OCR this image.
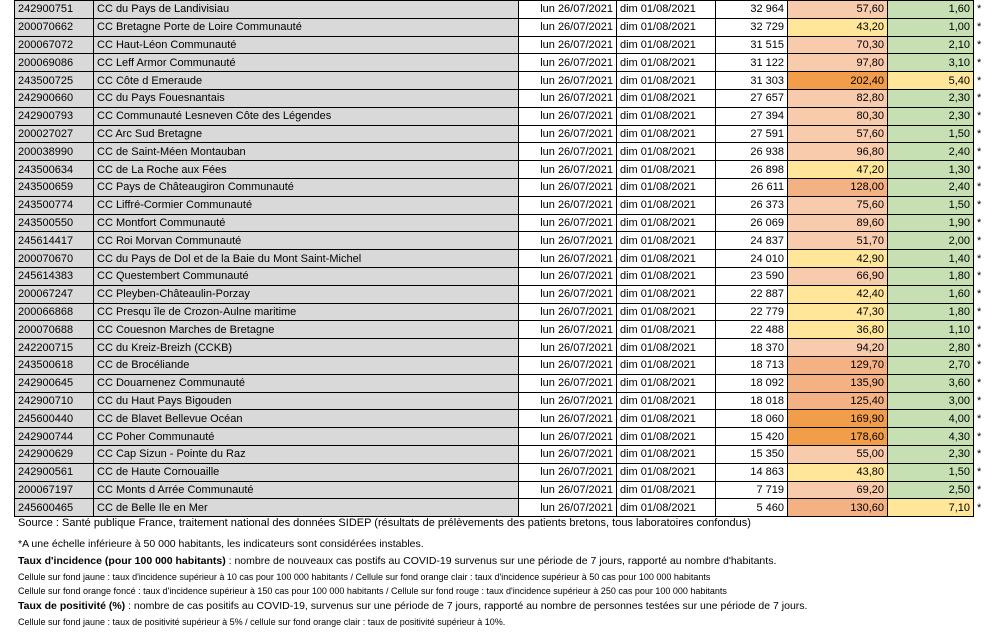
242900751	CC du Pays de Landivisiau	lun 26/07/2021	dim 01/08/2021	32 964	57,60	1,60	*
200070662	CC Bretagne Porte de Loire Communauté	lun 26/07/2021	dim 01/08/2021	32 729	43,20	1,00	*
200067072	CC Haut-Léon Communauté	lun 26/07/2021	dim 01/08/2021	31 515	70,30	2,10	*
200069086	CC Leff Armor Communauté	lun 26/07/2021	dim 01/08/2021	31 122	97,80	3,10	*
243500725	CC Côte d Emeraude	lun 26/07/2021	dim 01/08/2021	31 303	202,40	5,40	*
242900660	CC du Pays Fouesnantais	lun 26/07/2021	dim 01/08/2021	27 657	82,80	2,30	*
242900793	CC Communauté Lesneven Côte des Légendes	lun 26/07/2021	dim 01/08/2021	27 394	80,30	2,30	*
200027027	CC Arc Sud Bretagne	lun 26/07/2021	dim 01/08/2021	27 591	57,60	1,50	*
200038990	CC de Saint-Méen Montauban	lun 26/07/2021	dim 01/08/2021	26 938	96,80	2,40	*
243500634	CC de La Roche aux Fées	lun 26/07/2021	dim 01/08/2021	26 898	47,20	1,30	*
243500659	CC Pays de Châteaugiron Communauté	lun 26/07/2021	dim 01/08/2021	26 611	128,00	2,40	*
243500774	CC Liffré-Cormier Communauté	lun 26/07/2021	dim 01/08/2021	26 373	75,60	1,50	*
243500550	CC Montfort Communauté	lun 26/07/2021	dim 01/08/2021	26 069	89,60	1,90	*
245614417	CC Roi Morvan Communauté	lun 26/07/2021	dim 01/08/2021	24 837	51,70	2,00	*
200070670	CC du Pays de Dol et de la Baie du Mont Saint-Michel	lun 26/07/2021	dim 01/08/2021	24 010	42,90	1,40	*
245614383	CC Questembert Communauté	lun 26/07/2021	dim 01/08/2021	23 590	66,90	1,80	*
200067247	CC Pleyben-Châteaulin-Porzay	lun 26/07/2021	dim 01/08/2021	22 887	42,40	1,60	*
200066868	CC Presqu île de Crozon-Aulne maritime	lun 26/07/2021	dim 01/08/2021	22 779	47,30	1,80	*
200070688	CC Couesnon Marches de Bretagne	lun 26/07/2021	dim 01/08/2021	22 488	36,80	1,10	*
242200715	CC du Kreiz-Breizh (CCKB)	lun 26/07/2021	dim 01/08/2021	18 370	94,20	2,80	*
243500618	CC de Brocéliande	lun 26/07/2021	dim 01/08/2021	18 713	129,70	2,70	*
242900645	CC Douarnenez Communauté	lun 26/07/2021	dim 01/08/2021	18 092	135,90	3,60	*
242900710	CC du Haut Pays Bigouden	lun 26/07/2021	dim 01/08/2021	18 018	125,40	3,00	*
245600440	CC de Blavet Bellevue Océan	lun 26/07/2021	dim 01/08/2021	18 060	169,90	4,00	*
242900744	CC Poher Communauté	lun 26/07/2021	dim 01/08/2021	15 420	178,60	4,30	*
242900629	CC Cap Sizun - Pointe du Raz	lun 26/07/2021	dim 01/08/2021	15 350	55,00	2,30	*
242900561	CC de Haute Cornouaille	lun 26/07/2021	dim 01/08/2021	14 863	43,80	1,50	*
200067197	CC Monts d Arrée Communauté	lun 26/07/2021	dim 01/08/2021	7 719	69,20	2,50	*
245600465	CC de Belle Ile en Mer	lun 26/07/2021	dim 01/08/2021	5 460	130,60	7,10	*
Source : Santé publique France, traitement national des données SIDEP (résultats de prélèvements des patients bretons, tous laboratoires confondus)
*A une échelle inférieure à 50 000 habitants, les indicateurs sont considérées instables.
Taux d'incidence (pour 100 000 habitants) : nombre de nouveaux cas postifs au COVID-19 survenus sur une période de 7 jours, rapporté au nombre d'habitants.
Cellule sur fond jaune : taux d'incidence supérieur à 10 cas pour 100 000 habitants / Cellule sur fond orange clair : taux d'incidence supérieur à 50 cas pour 100 000 habitants
Cellule sur fond orange foncé : taux d'incidence supérieur à 150 cas pour 100 000 habitants / Cellule sur fond rouge : taux d'incidence supérieur à 250 cas pour 100 000 habitants
Taux de positivité (%) : nombre de cas positifs au COVID-19, survenus sur une période de 7 jours, rapporté au nombre de personnes testées sur une période de 7 jours.
Cellule sur fond jaune : taux de positivité supérieur à 5% / cellule sur fond orange clair : taux de positivité supérieur à 10%.
